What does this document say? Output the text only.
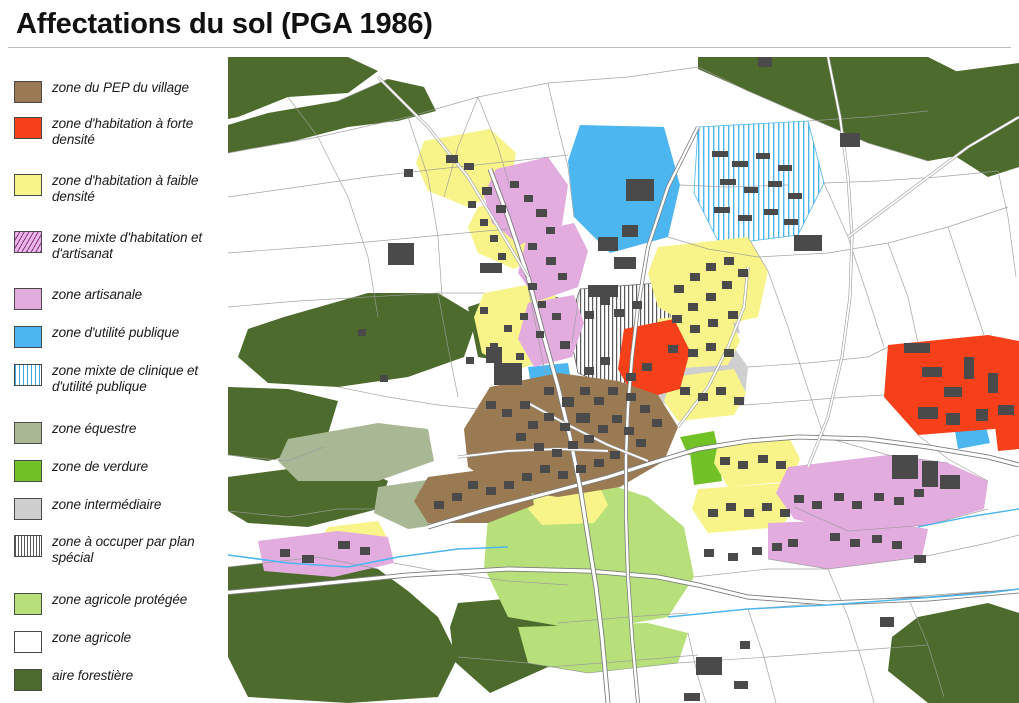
Affectations du sol (PGA 1986)
zone du PEP du village
zone d'habitation à forte densité
zone d'habitation à faible densité
zone mixte d'habitation et d'artisanat
zone artisanale
zone d'utilité publique
zone mixte de clinique et d'utilité publique
zone équestre
zone de verdure
zone intermédiaire
zone à occuper par plan spécial
zone agricole protégée
zone agricole
aire forestière
